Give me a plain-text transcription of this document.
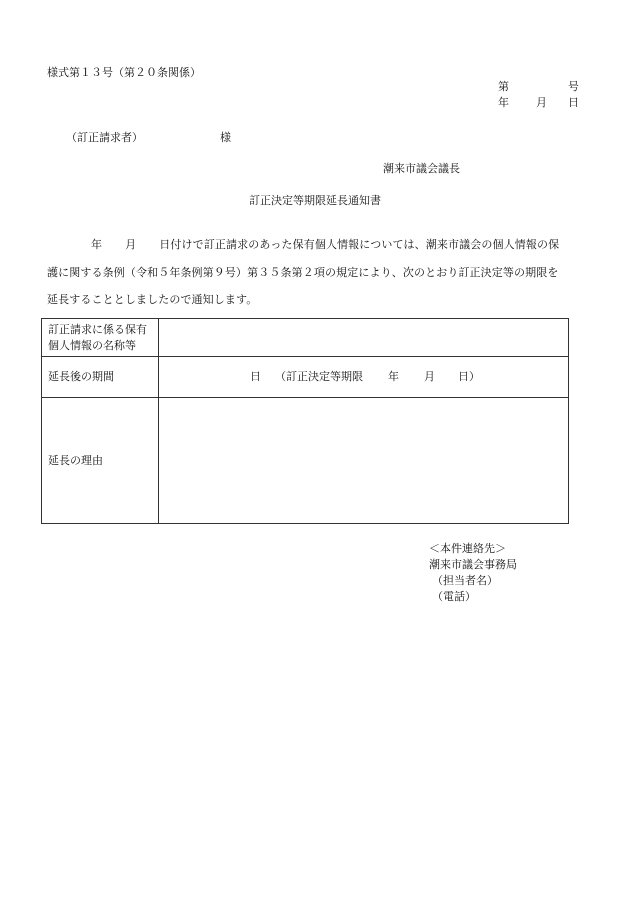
様式第１３号（第２０条関係）
第	号
年 月 日
（訂正請求者）	様
潮来市議会議長
訂正決定等期限延長通知書
年 月 日付けで訂正請求のあった保有個人情報については、潮来市議会の個人情報の保
護に関する条例（令和５年条例第９号）第３５条第２項の規定により、次のとおり訂正決定等の期限を
延長することとしましたので通知します。
訂正請求に係る保有
個人情報の名称等	

延長後の期間	日 （訂正決定等期限 年 月 日）

延長の理由	
＜本件連絡先＞
潮来市議会事務局
（担当者名）
（電話）
